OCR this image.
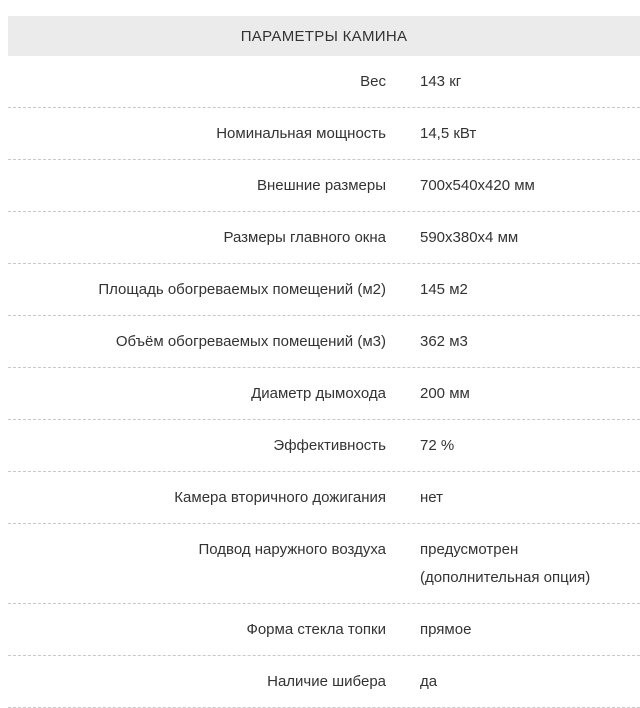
ПАРАМЕТРЫ КАМИНА
Вес	143 кг
Номинальная мощность	14,5 кВт
Внешние размеры	700x540x420 мм
Размеры главного окна	590x380x4 мм
Площадь обогреваемых помещений (м2)	145 м2
Объём обогреваемых помещений (м3)	362 м3
Диаметр дымохода	200 мм
Эффективность	72 %
Камера вторичного дожигания	нет
Подвод наружного воздуха	предусмотрен
(дополнительная опция)
Форма стекла топки	прямое
Наличие шибера	да
